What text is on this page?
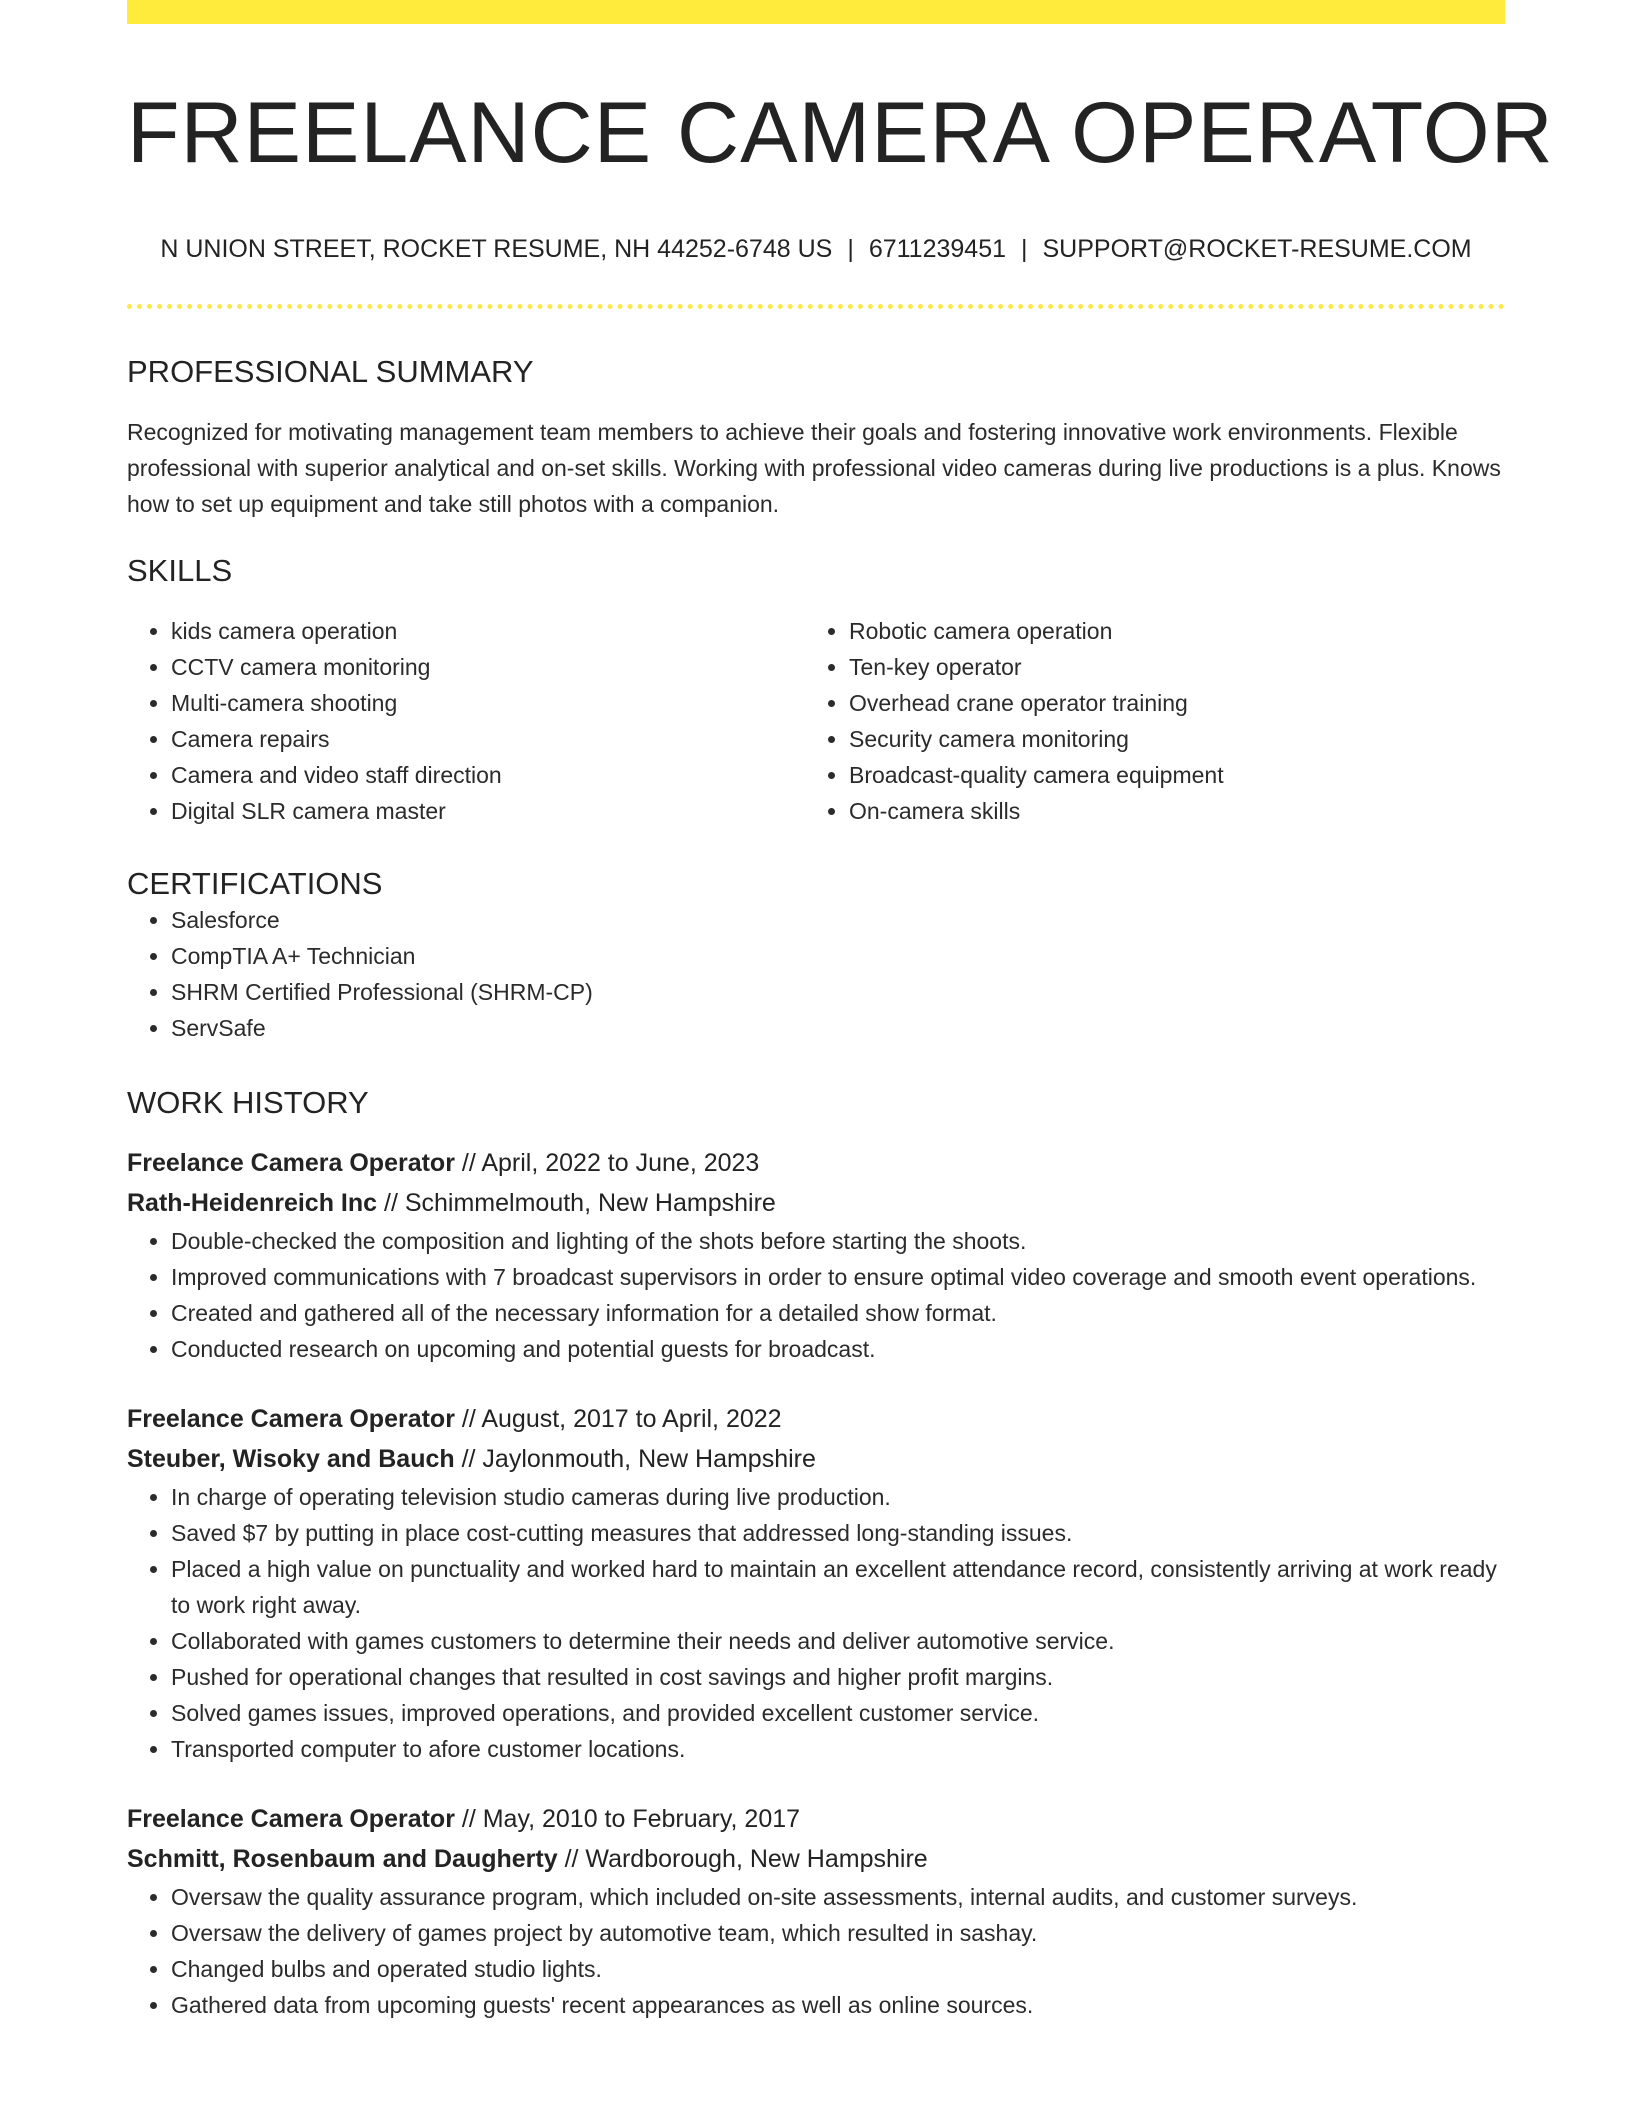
FREELANCE CAMERA OPERATOR
N UNION STREET, ROCKET RESUME, NH 44252-6748 US | 6711239451 | SUPPORT@ROCKET-RESUME.COM
PROFESSIONAL SUMMARY

Recognized for motivating management team members to achieve their goals and fostering innovative work environments. Flexible professional with superior analytical and on-set skills. Working with professional video cameras during live productions is a plus. Knows how to set up equipment and take still photos with a companion.

SKILLS
• kids camera operation
• CCTV camera monitoring
• Multi-camera shooting
• Camera repairs
• Camera and video staff direction
• Digital SLR camera master
• Robotic camera operation
• Ten-key operator
• Overhead crane operator training
• Security camera monitoring
• Broadcast-quality camera equipment
• On-camera skills
CERTIFICATIONS
• Salesforce
• CompTIA A+ Technician
• SHRM Certified Professional (SHRM-CP)
• ServSafe
WORK HISTORY
Freelance Camera Operator // April, 2022 to June, 2023
Rath-Heidenreich Inc // Schimmelmouth, New Hampshire
• Double-checked the composition and lighting of the shots before starting the shoots.
• Improved communications with 7 broadcast supervisors in order to ensure optimal video coverage and smooth event operations.
• Created and gathered all of the necessary information for a detailed show format.
• Conducted research on upcoming and potential guests for broadcast.
Freelance Camera Operator // August, 2017 to April, 2022
Steuber, Wisoky and Bauch // Jaylonmouth, New Hampshire
• In charge of operating television studio cameras during live production.
• Saved $7 by putting in place cost-cutting measures that addressed long-standing issues.
• Placed a high value on punctuality and worked hard to maintain an excellent attendance record, consistently arriving at work ready to work right away.
• Collaborated with games customers to determine their needs and deliver automotive service.
• Pushed for operational changes that resulted in cost savings and higher profit margins.
• Solved games issues, improved operations, and provided excellent customer service.
• Transported computer to afore customer locations.
Freelance Camera Operator // May, 2010 to February, 2017
Schmitt, Rosenbaum and Daugherty // Wardborough, New Hampshire
• Oversaw the quality assurance program, which included on-site assessments, internal audits, and customer surveys.
• Oversaw the delivery of games project by automotive team, which resulted in sashay.
• Changed bulbs and operated studio lights.
• Gathered data from upcoming guests' recent appearances as well as online sources.
